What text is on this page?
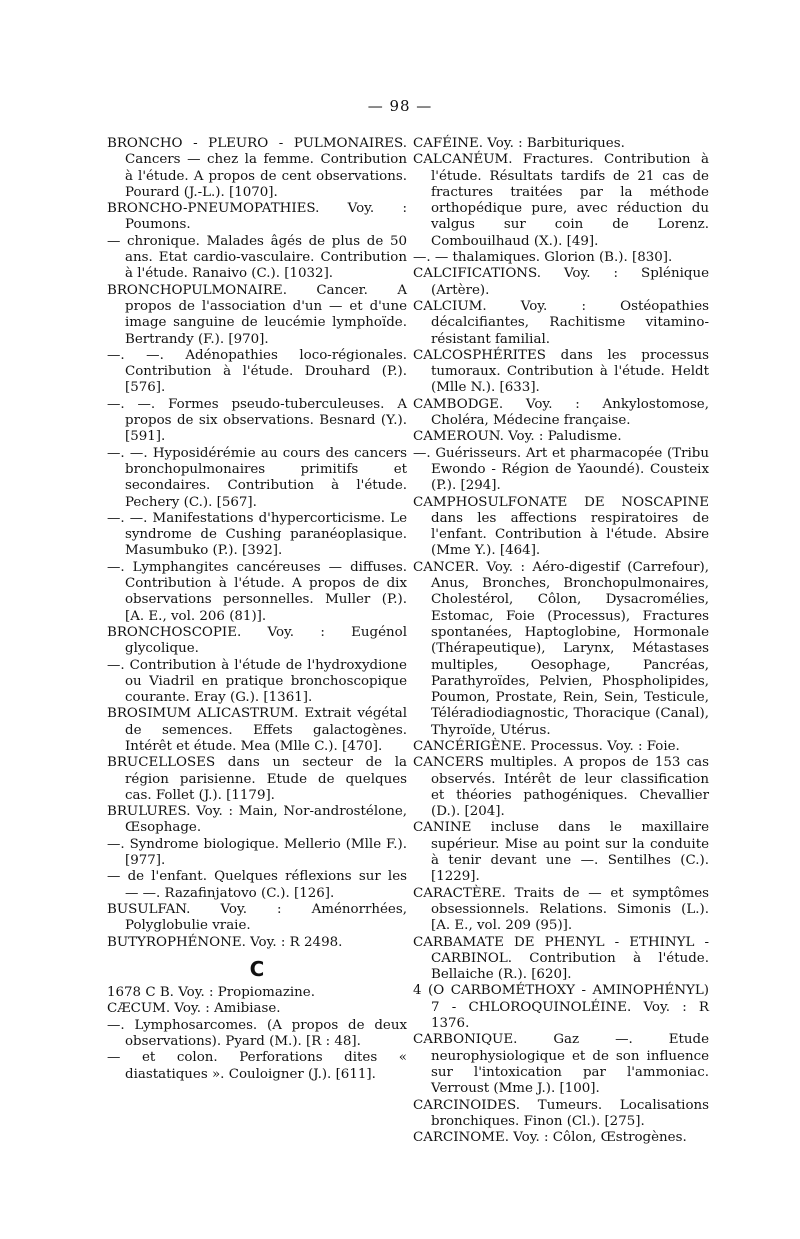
— 98 —

BRONCHO - PLEURO - PULMONAIRES. Cancers — chez la femme. Contribution à l'étude. A propos de cent observations. Pourard (J.-L.). [1070].

BRONCHO-PNEUMOPATHIES. Voy. : Poumons.

— chronique. Malades âgés de plus de 50 ans. Etat cardio-vasculaire. Contribution à l'étude. Ranaivo (C.). [1032].

BRONCHOPULMONAIRE. Cancer. A propos de l'association d'un — et d'une image sanguine de leucémie lymphoïde. Bertrandy (F.). [970].

—. —. Adénopathies loco-régionales. Contribution à l'étude. Drouhard (P.). [576].

—. —. Formes pseudo-tuberculeuses. A propos de six observations. Besnard (Y.). [591].

—. —. Hyposidérémie au cours des cancers bronchopulmonaires primitifs et secondaires. Contribution à l'étude. Pechery (C.). [567].

—. —. Manifestations d'hypercorticisme. Le syndrome de Cushing paranéoplasique. Masumbuko (P.). [392].

—. Lymphangites cancéreuses — diffuses. Contribution à l'étude. A propos de dix observations personnelles. Muller (P.). [A. E., vol. 206 (81)].

BRONCHOSCOPIE. Voy. : Eugénol glycolique.

—. Contribution à l'étude de l'hydroxydione ou Viadril en pratique bronchoscopique courante. Eray (G.). [1361].

BROSIMUM ALICASTRUM. Extrait végétal de semences. Effets galactogènes. Intérêt et étude. Mea (Mlle C.). [470].

BRUCELLOSES dans un secteur de la région parisienne. Etude de quelques cas. Follet (J.). [1179].

BRULURES. Voy. : Main, Nor-androstélone, Œsophage.

—. Syndrome biologique. Mellerio (Mlle F.). [977].

— de l'enfant. Quelques réflexions sur les — —. Razafinjatovo (C.). [126].

BUSULFAN. Voy. : Aménorrhées, Polyglobulie vraie.

BUTYROPHÉNONE. Voy. : R 2498.

C

1678 C B. Voy. : Propiomazine.

CÆCUM. Voy. : Amibiase.

—. Lymphosarcomes. (A propos de deux observations). Pyard (M.). [R : 48].

— et colon. Perforations dites « diastatiques ». Couloigner (J.). [611].

CAFÉINE. Voy. : Barbituriques.

CALCANÉUM. Fractures. Contribution à l'étude. Résultats tardifs de 21 cas de fractures traitées par la méthode orthopédique pure, avec réduction du valgus sur coin de Lorenz. Combouilhaud (X.). [49].

—. — thalamiques. Glorion (B.). [830].

CALCIFICATIONS. Voy. : Splénique (Artère).

CALCIUM. Voy. : Ostéopathies décalcifiantes, Rachitisme vitamino-résistant familial.

CALCOSPHÉRITES dans les processus tumoraux. Contribution à l'étude. Heldt (Mlle N.). [633].

CAMBODGE. Voy. : Ankylostomose, Choléra, Médecine française.

CAMEROUN. Voy. : Paludisme.

—. Guérisseurs. Art et pharmacopée (Tribu Ewondo - Région de Yaoundé). Cousteix (P.). [294].

CAMPHOSULFONATE DE NOSCAPINE dans les affections respiratoires de l'enfant. Contribution à l'étude. Absire (Mme Y.). [464].

CANCER. Voy. : Aéro-digestif (Carrefour), Anus, Bronches, Bronchopulmonaires, Cholestérol, Côlon, Dysacromélies, Estomac, Foie (Processus), Fractures spontanées, Haptoglobine, Hormonale (Thérapeutique), Larynx, Métastases multiples, Oesophage, Pancréas, Parathyroïdes, Pelvien, Phospholipides, Poumon, Prostate, Rein, Sein, Testicule, Téléradiodiagnostic, Thoracique (Canal), Thyroïde, Utérus.

CANCÉRIGÈNE. Processus. Voy. : Foie.

CANCERS multiples. A propos de 153 cas observés. Intérêt de leur classification et théories pathogéniques. Chevallier (D.). [204].

CANINE incluse dans le maxillaire supérieur. Mise au point sur la conduite à tenir devant une —. Sentilhes (C.). [1229].

CARACTÈRE. Traits de — et symptômes obsessionnels. Relations. Simonis (L.). [A. E., vol. 209 (95)].

CARBAMATE DE PHENYL - ETHINYL - CARBINOL. Contribution à l'étude. Bellaiche (R.). [620].

4 (O CARBOMÉTHOXY - AMINOPHÉNYL) 7 - CHLOROQUINOLÉINE. Voy. : R 1376.

CARBONIQUE. Gaz —. Etude neurophysiologique et de son influence sur l'intoxication par l'ammoniac. Verroust (Mme J.). [100].

CARCINOIDES. Tumeurs. Localisations bronchiques. Finon (Cl.). [275].

CARCINOME. Voy. : Côlon, Œstrogènes.
